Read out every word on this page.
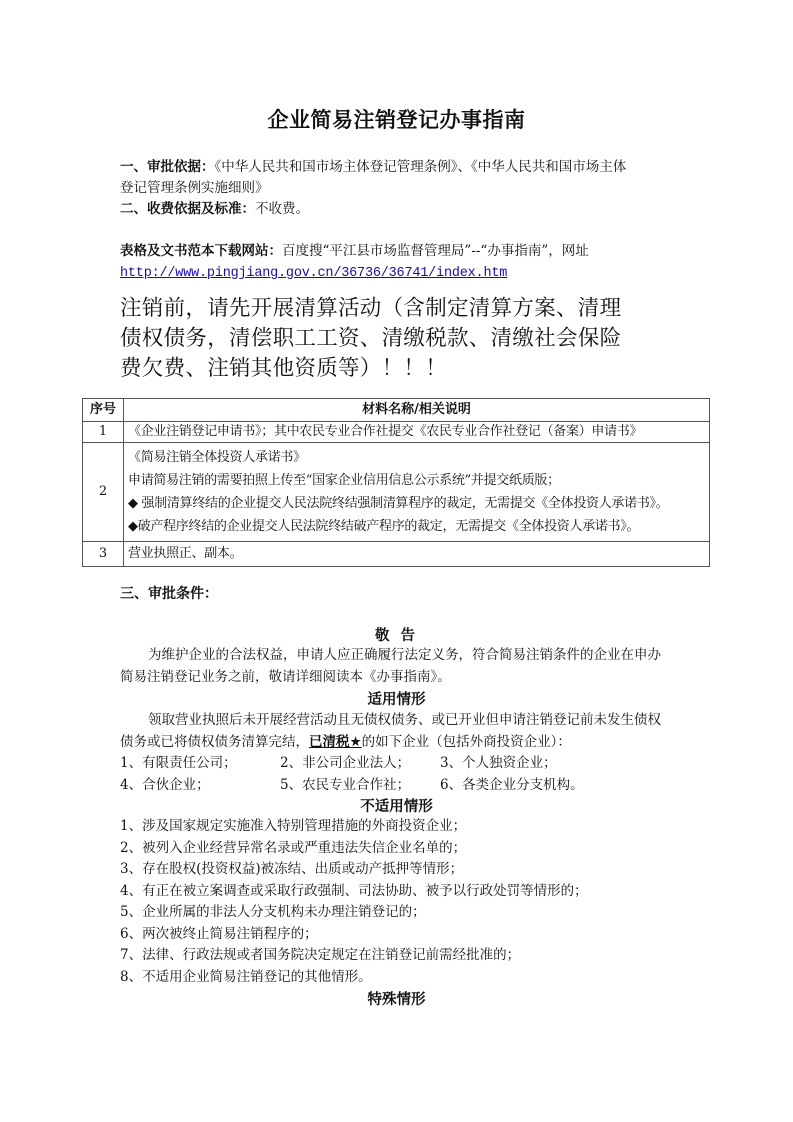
企业简易注销登记办事指南
一、审批依据：《中华人民共和国市场主体登记管理条例》、《中华人民共和国市场主体
登记管理条例实施细则》
二、收费依据及标准：不收费。
表格及文书范本下载网站：百度搜“平江县市场监督管理局”--“办事指南”，网址
http://www.pingjiang.gov.cn/36736/36741/index.htm
注销前，请先开展清算活动（含制定清算方案、清理
债权债务，清偿职工工资、清缴税款、清缴社会保险
费欠费、注销其他资质等）！！！
序号	材料名称/相关说明
1	《企业注销登记申请书》；其中农民专业合作社提交《农民专业合作社登记（备案）申请书》
2	《简易注销全体投资人承诺书》
申请简易注销的需要拍照上传至“国家企业信用信息公示系统”并提交纸质版；
◆ 强制清算终结的企业提交人民法院终结强制清算程序的裁定，无需提交《全体投资人承诺书》。
◆破产程序终结的企业提交人民法院终结破产程序的裁定，无需提交《全体投资人承诺书》。

3	营业执照正、副本。
三、审批条件：
敬 告
为维护企业的合法权益，申请人应正确履行法定义务，符合简易注销条件的企业在申办
简易注销登记业务之前，敬请详细阅读本《办事指南》。
适用情形
领取营业执照后未开展经营活动且无债权债务、或已开业但申请注销登记前未发生债权
债务或已将债权债务清算完结，已清税★的如下企业（包括外商投资企业）：
1、有限责任公司；	2、非公司企业法人；	3、个人独资企业；
4、合伙企业；	5、农民专业合作社；	6、各类企业分支机构。
不适用情形
1、涉及国家规定实施准入特别管理措施的外商投资企业；
2、被列入企业经营异常名录或严重违法失信企业名单的；
3、存在股权(投资权益)被冻结、出质或动产抵押等情形；
4、有正在被立案调查或采取行政强制、司法协助、被予以行政处罚等情形的；
5、企业所属的非法人分支机构未办理注销登记的；
6、两次被终止简易注销程序的；
7、法律、行政法规或者国务院决定规定在注销登记前需经批准的；
8、不适用企业简易注销登记的其他情形。
特殊情形
